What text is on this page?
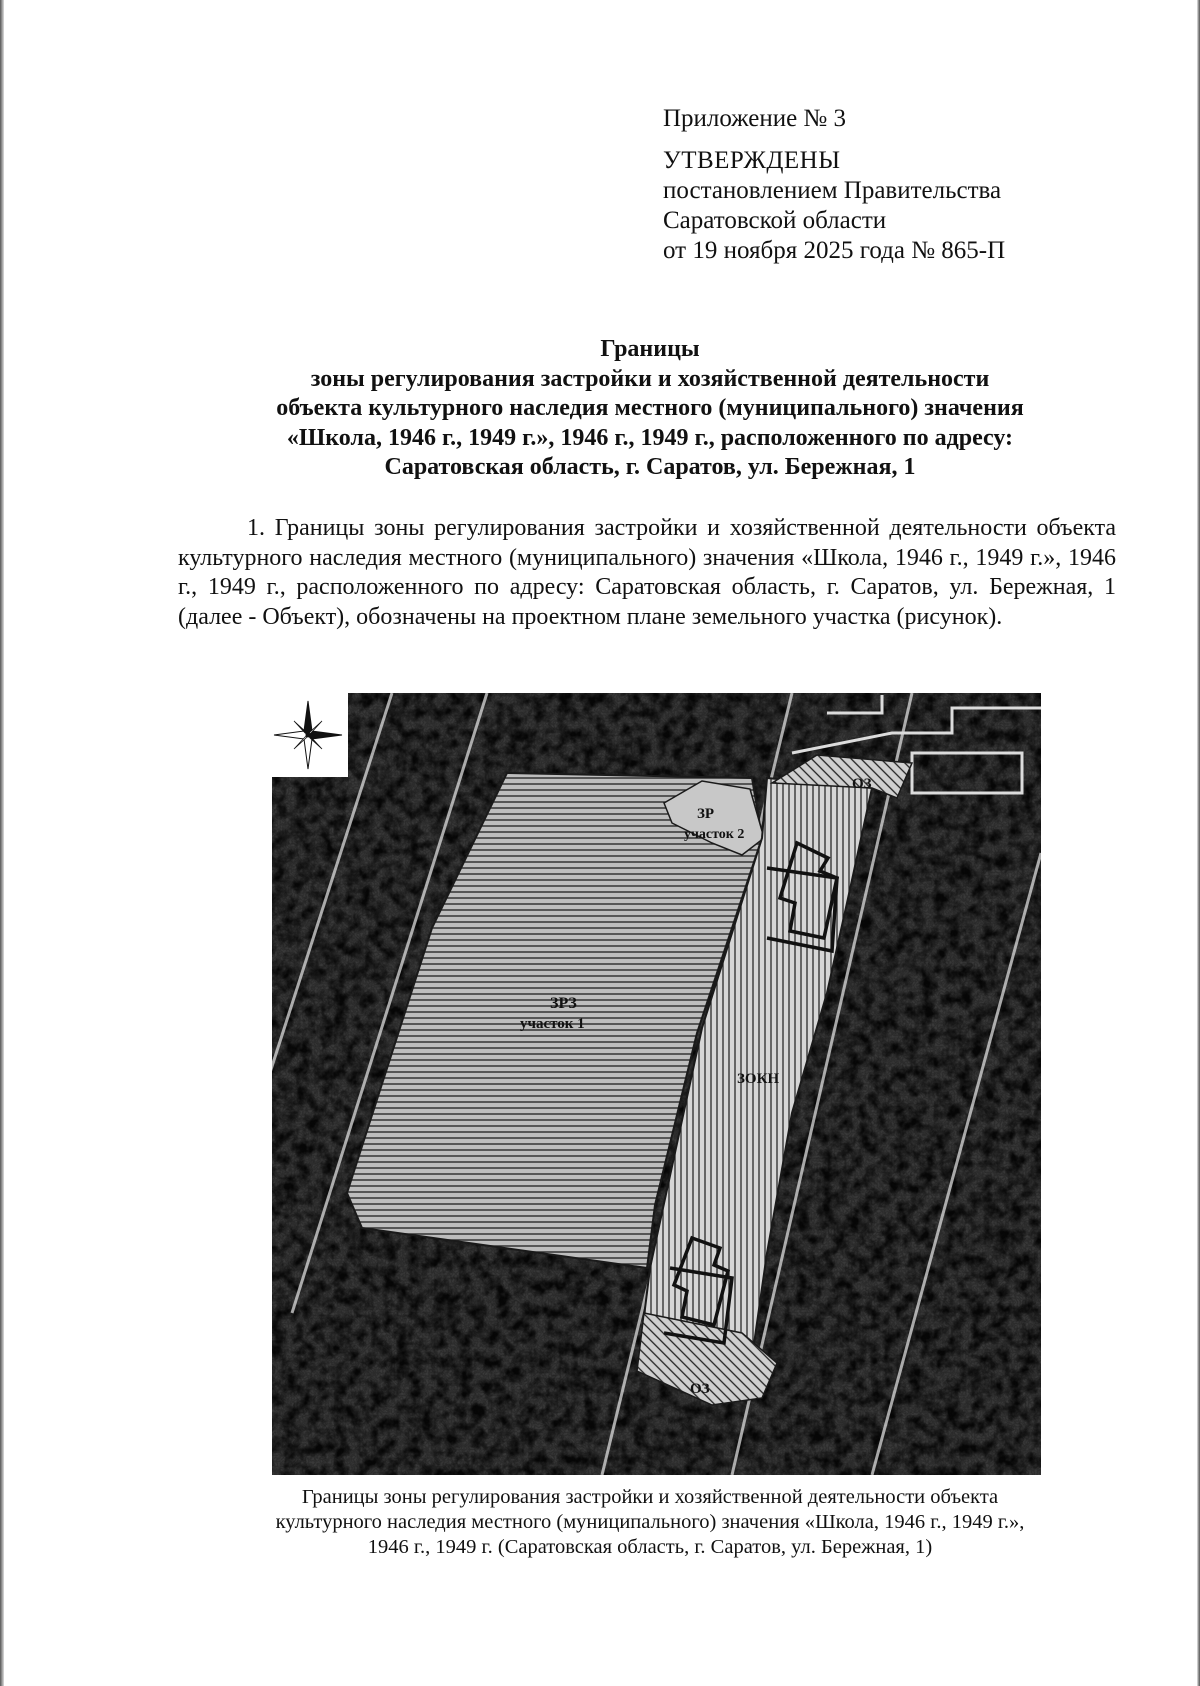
Приложение № 3
УТВЕРЖДЕНЫ
постановлением Правительства
Саратовской области
от 19 ноября 2025 года № 865-П
Границы
зоны регулирования застройки и хозяйственной деятельности
объекта культурного наследия местного (муниципального) значения
«Школа, 1946 г., 1949 г.», 1946 г., 1949 г., расположенного по адресу:
Саратовская область, г. Саратов, ул. Бережная, 1
1. Границы зоны регулирования застройки и хозяйственной деятельности объекта культурного наследия местного (муниципального) значения «Школа, 1946 г., 1949 г.», 1946 г., 1949 г., расположенного по адресу: Саратовская область, г. Саратов, ул. Бережная, 1 (далее - Объект), обозначены на проектном плане земельного участка (рисунок).
ЗР
участок 2
ОЗ
ЗРЗ
участок 1
ЗОКН
ОЗ
Границы зоны регулирования застройки и хозяйственной деятельности объекта
культурного наследия местного (муниципального) значения «Школа, 1946 г., 1949 г.»,
1946 г., 1949 г. (Саратовская область, г. Саратов, ул. Бережная, 1)
